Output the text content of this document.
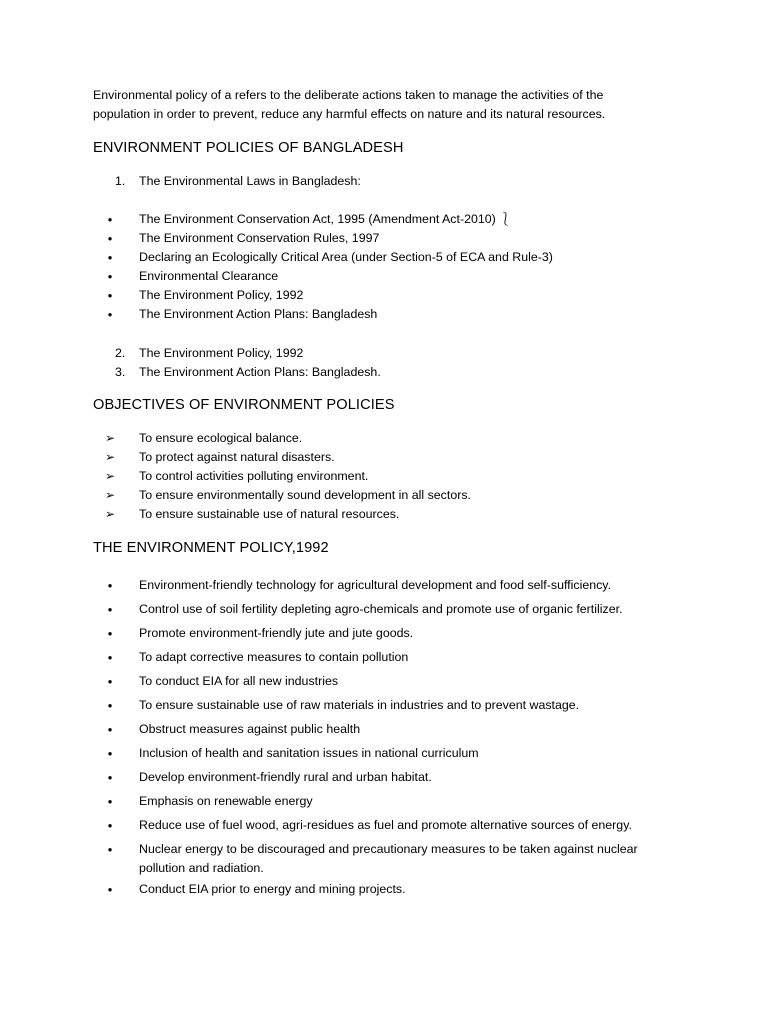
Environmental policy of a refers to the deliberate actions taken to manage the activities of the population in order to prevent, reduce any harmful effects on nature and its natural resources.

ENVIRONMENT POLICIES OF BANGLADESH
1. The Environmental Laws in Bangladesh:
●	The Environment Conservation Act, 1995 (Amendment Act-2010) ⎱
●	The Environment Conservation Rules, 1997
●	Declaring an Ecologically Critical Area (under Section-5 of ECA and Rule-3)
●	Environmental Clearance
●	The Environment Policy, 1992
●	The Environment Action Plans: Bangladesh
2. The Environment Policy, 1992
3. The Environment Action Plans: Bangladesh.
OBJECTIVES OF ENVIRONMENT POLICIES
➢	To ensure ecological balance.
➢	To protect against natural disasters.
➢	To control activities polluting environment.
➢	To ensure environmentally sound development in all sectors.
➢	To ensure sustainable use of natural resources.
THE ENVIRONMENT POLICY,1992
●	Environment-friendly technology for agricultural development and food self-sufficiency.
●	Control use of soil fertility depleting agro-chemicals and promote use of organic fertilizer.
●	Promote environment-friendly jute and jute goods.
●	To adapt corrective measures to contain pollution
●	To conduct EIA for all new industries
●	To ensure sustainable use of raw materials in industries and to prevent wastage.
●	Obstruct measures against public health
●	Inclusion of health and sanitation issues in national curriculum
●	Develop environment-friendly rural and urban habitat.
●	Emphasis on renewable energy
●	Reduce use of fuel wood, agri-residues as fuel and promote alternative sources of energy.
●	Nuclear energy to be discouraged and precautionary measures to be taken against nuclear pollution and radiation.
●	Conduct EIA prior to energy and mining projects.
